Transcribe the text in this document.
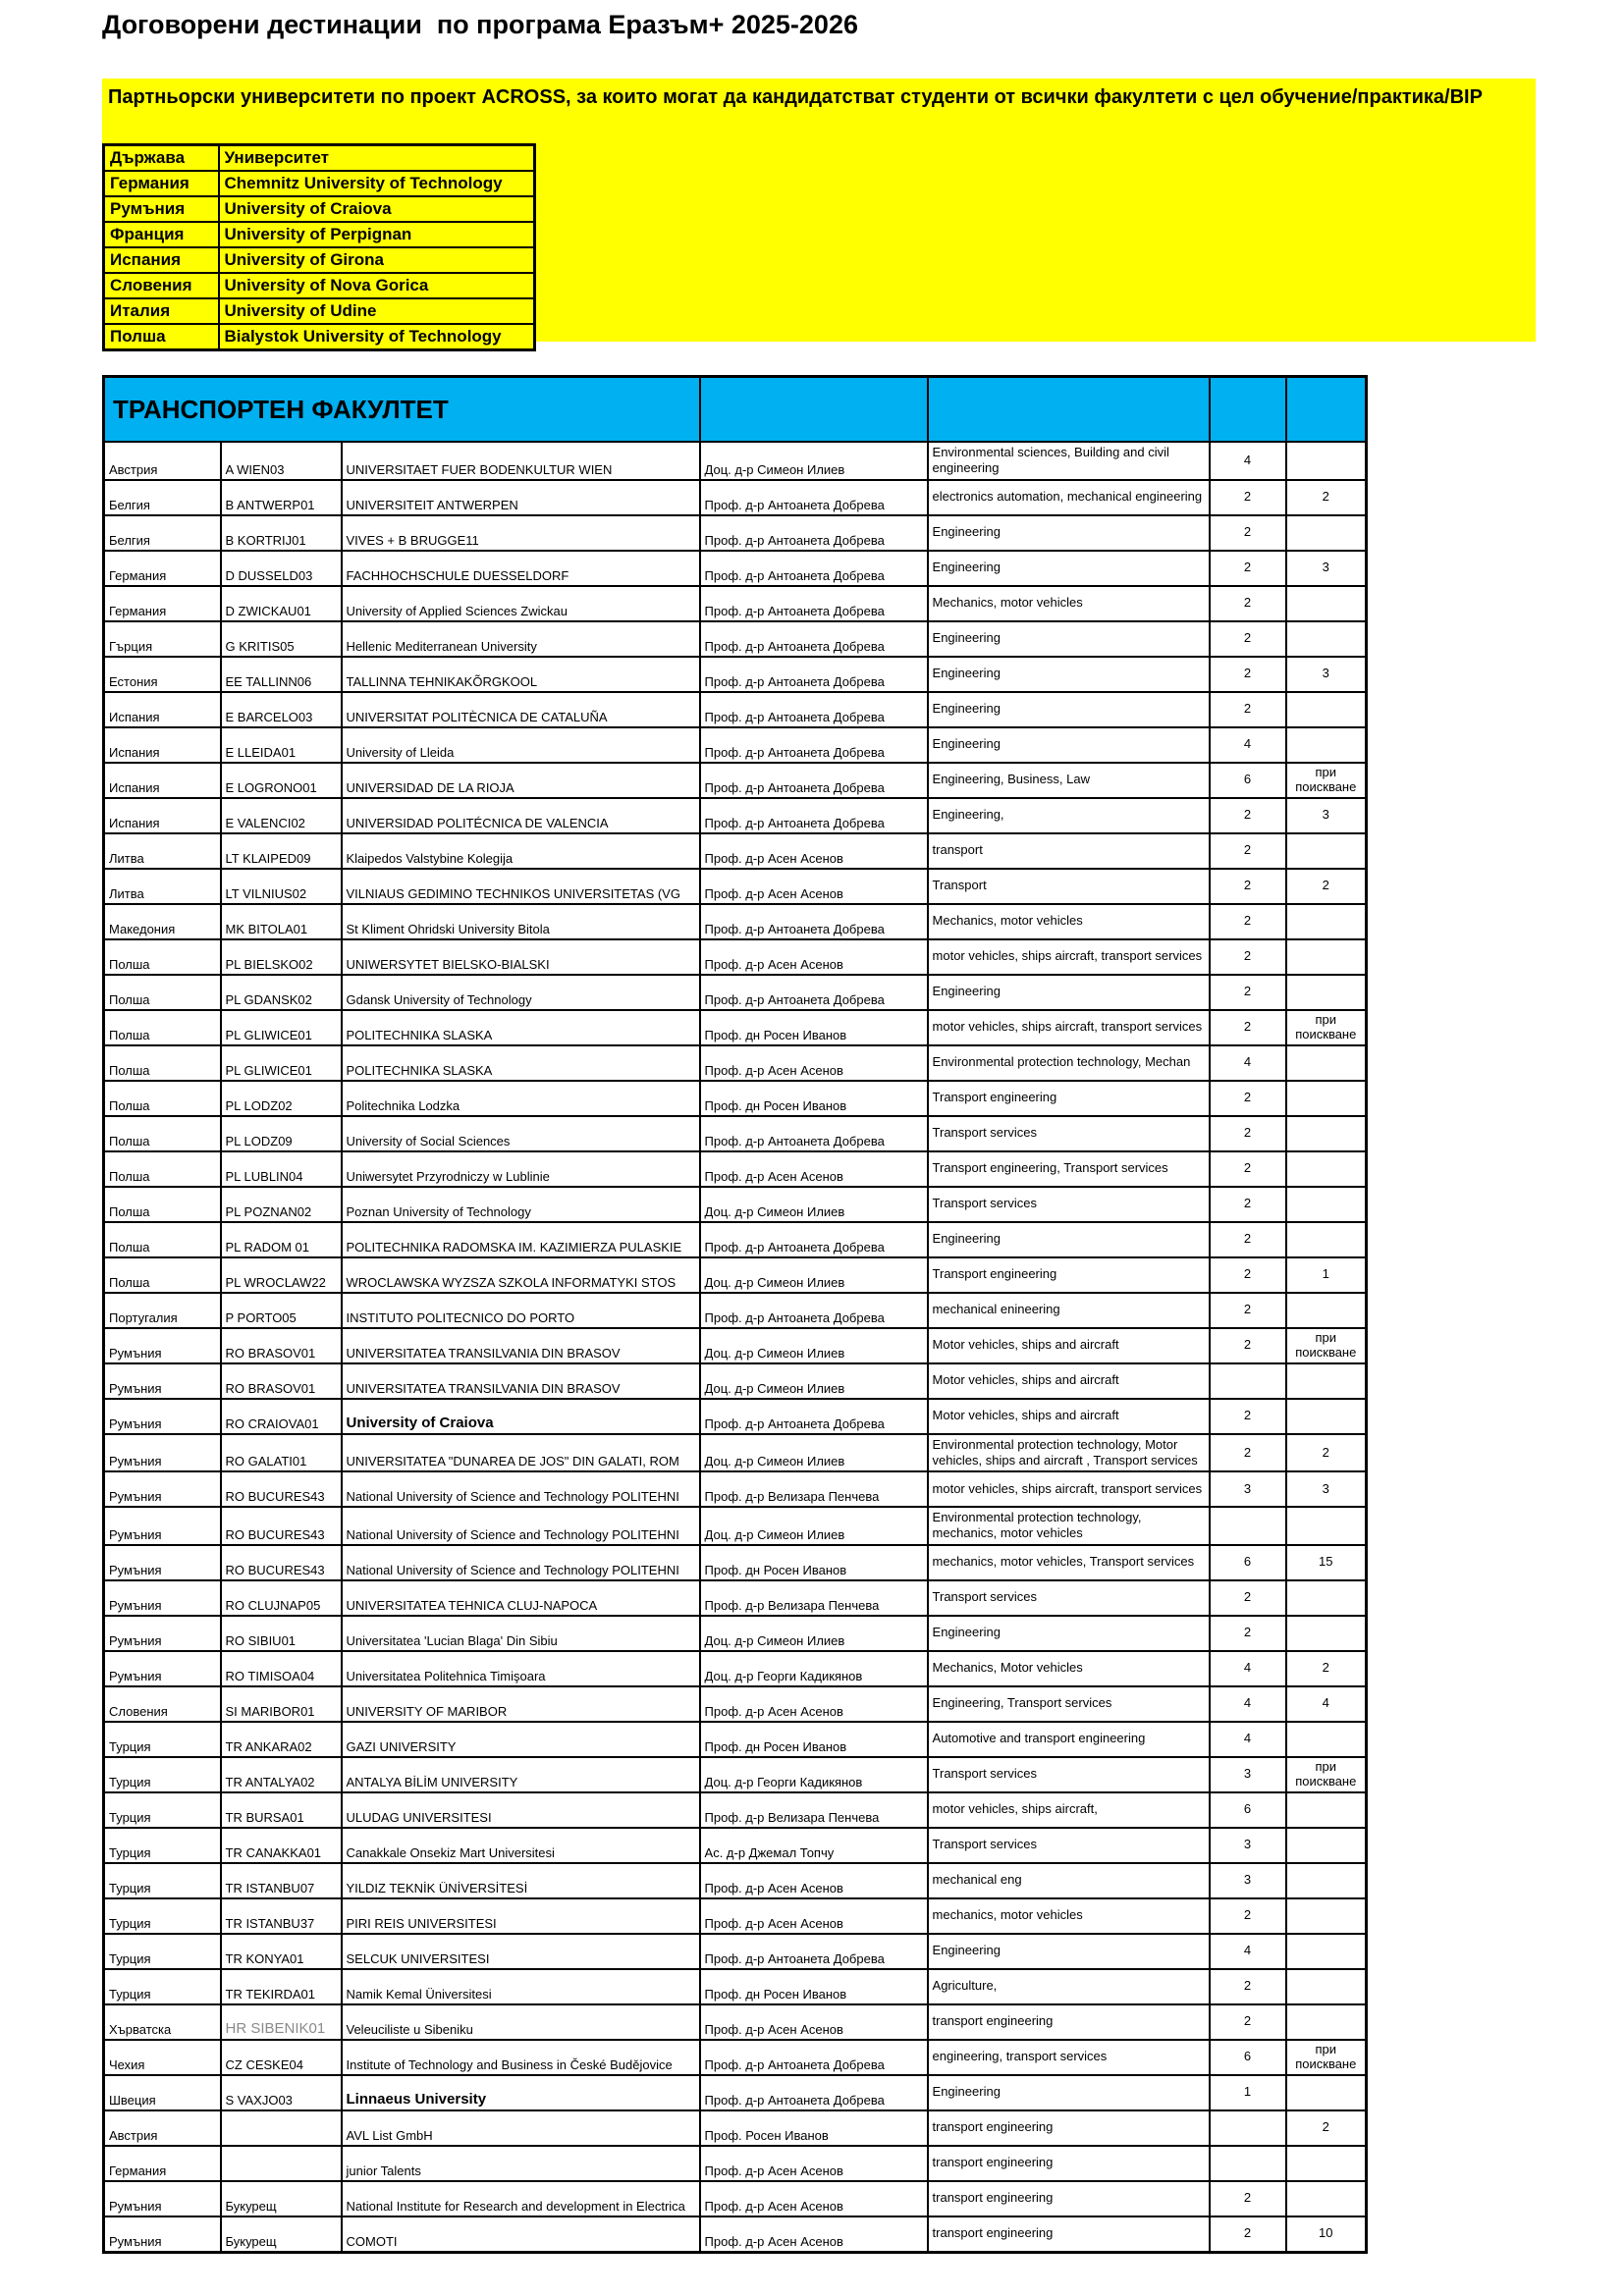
Договорени дестинации  по програма Еразъм+ 2025-2026
Партньорски университети по проект ACROSS, за които могат да кандидатстват студенти от всички факултети с цел обучение/практика/BIP
Държава	Университет
Германия	Chemnitz University of Technology
Румъния	University of Craiova
Франция	University of Perpignan
Испания	University of Girona
Словения	University of Nova Gorica
Италия	University of Udine
Полша	Bialystok University of Technology
ТРАНСПОРТЕН ФАКУЛТЕТ						
Австрия	A WIEN03	UNIVERSITAET FUER BODENKULTUR WIEN	Доц. д-р Симеон Илиев	Environmental sciences, Building and civil engineering	4	
Белгия	B ANTWERP01	UNIVERSITEIT ANTWERPEN	Проф. д-р Антоанета Добрева	electronics automation, mechanical engineering	2	2
Белгия	B KORTRIJ01	VIVES + B BRUGGE11	Проф. д-р Антоанета Добрева	Engineering	2	
Германия	D DUSSELD03	FACHHOCHSCHULE DUESSELDORF	Проф. д-р Антоанета Добрева	Engineering	2	3
Германия	D ZWICKAU01	University of Applied Sciences Zwickau	Проф. д-р Антоанета Добрева	Mechanics, motor vehicles	2	
Гърция	G KRITIS05	Hellenic Mediterranean University	Проф. д-р Антоанета Добрева	Engineering	2	
Естония	EE TALLINN06	TALLINNA TEHNIKAKÕRGKOOL	Проф. д-р Антоанета Добрева	Engineering	2	3
Испания	E BARCELO03	UNIVERSITAT POLITÈCNICA DE CATALUÑA	Проф. д-р Антоанета Добрева	Engineering	2	
Испания	E LLEIDA01	University of Lleida	Проф. д-р Антоанета Добрева	Engineering	4	
Испания	E LOGRONO01	UNIVERSIDAD DE LA RIOJA	Проф. д-р Антоанета Добрева	Engineering, Business, Law	6	при поискване
Испания	E VALENCI02	UNIVERSIDAD POLITÉCNICA DE VALENCIA	Проф. д-р Антоанета Добрева	Engineering,	2	3
Литва	LT KLAIPED09	Klaipedos Valstybine Kolegija	Проф. д-р Асен Асенов	transport	2	
Литва	LT VILNIUS02	VILNIAUS GEDIMINO TECHNIKOS UNIVERSITETAS (VG	Проф. д-р Асен Асенов	Transport	2	2
Македония	MK BITOLA01	St Kliment Ohridski University Bitola	Проф. д-р Антоанета Добрева	Mechanics, motor vehicles	2	
Полша	PL BIELSKO02	UNIWERSYTET BIELSKO-BIALSKI	Проф. д-р Асен Асенов	motor vehicles, ships aircraft, transport services	2	
Полша	PL GDANSK02	Gdansk University of Technology	Проф. д-р Антоанета Добрева	Engineering	2	
Полша	PL GLIWICE01	POLITECHNIKA SLASKA	Проф. дн Росен Иванов	motor vehicles, ships aircraft, transport services	2	при поискване
Полша	PL GLIWICE01	POLITECHNIKA SLASKA	Проф. д-р Асен Асенов	Environmental protection technology, Mechan	4	
Полша	PL LODZ02	Politechnika Lodzka	Проф. дн Росен Иванов	Transport engineering	2	
Полша	PL LODZ09	University of Social Sciences	Проф. д-р Антоанета Добрева	Transport services	2	
Полша	PL LUBLIN04	Uniwersytet Przyrodniczy w Lublinie	Проф. д-р Асен Асенов	Transport engineering, Transport services	2	
Полша	PL POZNAN02	Poznan University of Technology	Доц. д-р Симеон Илиев	Transport services	2	
Полша	PL RADOM 01	POLITECHNIKA RADOMSKA IM. KAZIMIERZA PULASKIE	Проф. д-р Антоанета Добрева	Engineering	2	
Полша	PL WROCLAW22	WROCLAWSKA WYZSZA SZKOLA INFORMATYKI STOS	Доц. д-р Симеон Илиев	Transport engineering	2	1
Португалия	P PORTO05	INSTITUTO POLITECNICO DO PORTO	Проф. д-р Антоанета Добрева	mechanical enineering	2	
Румъния	RO BRASOV01	UNIVERSITATEA TRANSILVANIA DIN BRASOV	Доц. д-р Симеон Илиев	Motor vehicles, ships and aircraft	2	при поискване
Румъния	RO BRASOV01	UNIVERSITATEA TRANSILVANIA DIN BRASOV	Доц. д-р Симеон Илиев	Motor vehicles, ships and aircraft		
Румъния	RO CRAIOVA01	University of Craiova	Проф. д-р Антоанета Добрева	Motor vehicles, ships and aircraft	2	
Румъния	RO GALATI01	UNIVERSITATEA "DUNAREA DE JOS" DIN GALATI, ROM	Доц. д-р Симеон Илиев	Environmental protection technology, Motor vehicles, ships and aircraft , Transport services	2	2
Румъния	RO BUCURES43	National University of Science and Technology POLITEHNI	Проф. д-р Велизара Пенчева	motor vehicles, ships aircraft, transport services	3	3
Румъния	RO BUCURES43	National University of Science and Technology POLITEHNI	Доц. д-р Симеон Илиев	Environmental protection technology, mechanics, motor vehicles		
Румъния	RO BUCURES43	National University of Science and Technology POLITEHNI	Проф. дн Росен Иванов	mechanics, motor vehicles, Transport services	6	15
Румъния	RO CLUJNAP05	UNIVERSITATEA TEHNICA CLUJ-NAPOCA	Проф. д-р Велизара Пенчева	Transport services	2	
Румъния	RO SIBIU01	Universitatea 'Lucian Blaga' Din Sibiu	Доц. д-р Симеон Илиев	Engineering	2	
Румъния	RO TIMISOA04	Universitatea Politehnica Timişoara	Доц. д-р Георги Кадикянов	Mechanics, Motor vehicles	4	2
Словения	SI MARIBOR01	UNIVERSITY OF MARIBOR	Проф. д-р Асен Асенов	Engineering, Transport services	4	4
Турция	TR ANKARA02	GAZI UNIVERSITY	Проф. дн Росен Иванов	Automotive and transport engineering	4	
Турция	TR ANTALYA02	ANTALYA BİLİM UNIVERSITY	Доц. д-р Георги Кадикянов	Transport services	3	при поискване
Турция	TR BURSA01	ULUDAG UNIVERSITESI	Проф. д-р Велизара Пенчева	motor vehicles, ships aircraft,	6	
Турция	TR CANAKKA01	Canakkale Onsekiz Mart Universitesi	Ас. д-р Джемал Топчу	Transport services	3	
Турция	TR ISTANBU07	YILDIZ TEKNİK ÜNİVERSİTESİ	Проф. д-р Асен Асенов	mechanical eng	3	
Турция	TR ISTANBU37	PIRI REIS UNIVERSITESI	Проф. д-р Асен Асенов	mechanics, motor vehicles	2	
Турция	TR KONYA01	SELCUK UNIVERSITESI	Проф. д-р Антоанета Добрева	Engineering	4	
Турция	TR TEKIRDA01	Namik Kemal Üniversitesi	Проф. дн Росен Иванов	Agriculture,	2	
Хърватска	HR SIBENIK01	Veleuciliste u Sibeniku	Проф. д-р Асен Асенов	transport engineering	2	
Чехия	CZ CESKE04	Institute of Technology and Business in České Budějovice	Проф. д-р Антоанета Добрева	engineering, transport services	6	при поискване
Швеция	S VAXJO03	Linnaeus University	Проф. д-р Антоанета Добрева	Engineering	1	
Австрия		AVL List GmbH	Проф. Росен Иванов	transport engineering		2
Германия		junior Talents	Проф. д-р Асен Асенов	transport engineering		
Румъния	Букурещ	National Institute for Research and development in Electrica	Проф. д-р Асен Асенов	transport engineering	2	
Румъния	Букурещ	COMOTI	Проф. д-р Асен Асенов	transport engineering	2	10
